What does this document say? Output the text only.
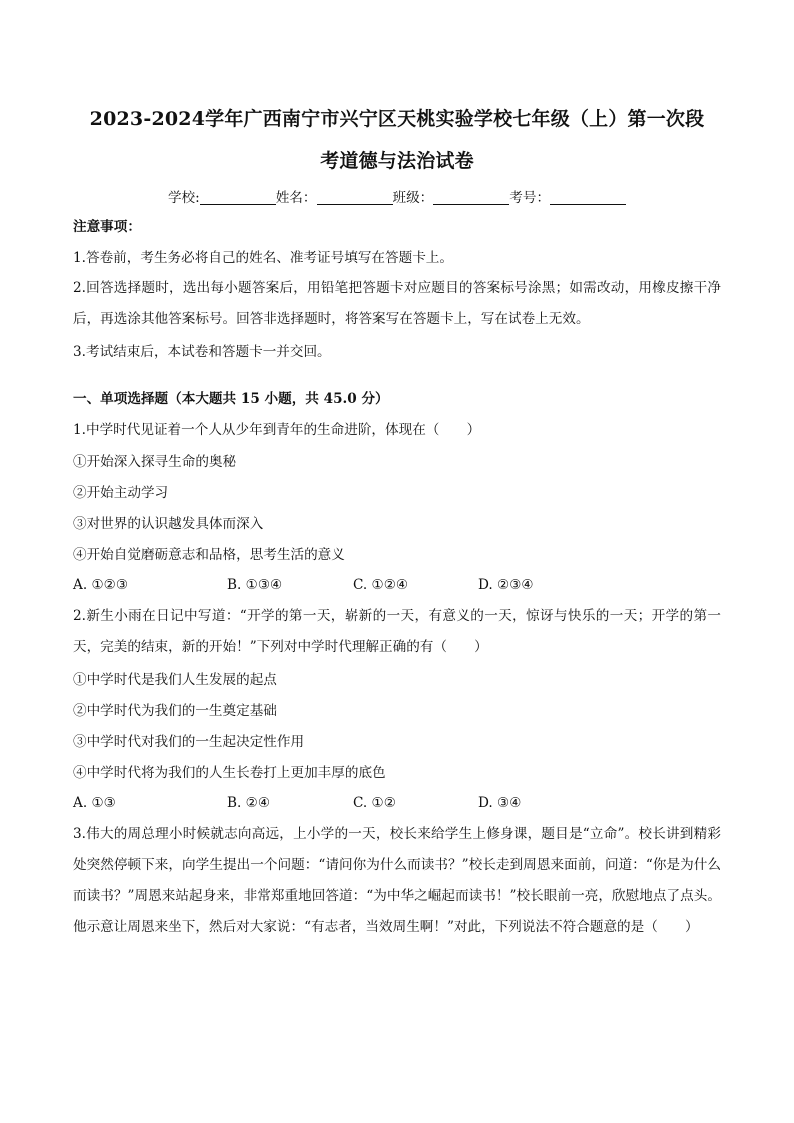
2023-2024学年广西南宁市兴宁区天桃实验学校七年级（上）第一次段
考道德与法治试卷
学校:	姓名：	班级：	考号：
注意事项：
1.答卷前，考生务必将自己的姓名、准考证号填写在答题卡上。
2.回答选择题时，选出每小题答案后，用铅笔把答题卡对应题目的答案标号涂黑；如需改动，用橡皮擦干净后，再选涂其他答案标号。回答非选择题时，将答案写在答题卡上，写在试卷上无效。
3.考试结束后，本试卷和答题卡一并交回。
一、单项选择题（本大题共 15 小题，共 45.0 分）
1.中学时代见证着一个人从少年到青年的生命进阶，体现在（　　）
①开始深入探寻生命的奥秘
②开始主动学习
③对世界的认识越发具体而深入
④开始自觉磨砺意志和品格，思考生活的意义
A. ①②③	B. ①③④	C. ①②④	D. ②③④
2.新生小雨在日记中写道：“开学的第一天，崭新的一天，有意义的一天，惊讶与快乐的一天；开学的第一天，完美的结束，新的开始！”下列对中学时代理解正确的有（　　）
①中学时代是我们人生发展的起点
②中学时代为我们的一生奠定基础
③中学时代对我们的一生起决定性作用
④中学时代将为我们的人生长卷打上更加丰厚的底色
A. ①③	B. ②④	C. ①②	D. ③④
3.伟大的周总理小时候就志向高远，上小学的一天，校长来给学生上修身课，题目是“立命”。校长讲到精彩处突然停顿下来，向学生提出一个问题：“请问你为什么而读书？”校长走到周恩来面前，问道：“你是为什么而读书？”周恩来站起身来，非常郑重地回答道：“为中华之崛起而读书！”校长眼前一亮，欣慰地点了点头。他示意让周恩来坐下，然后对大家说：“有志者，当效周生啊！”对此，下列说法不符合题意的是（　　）
